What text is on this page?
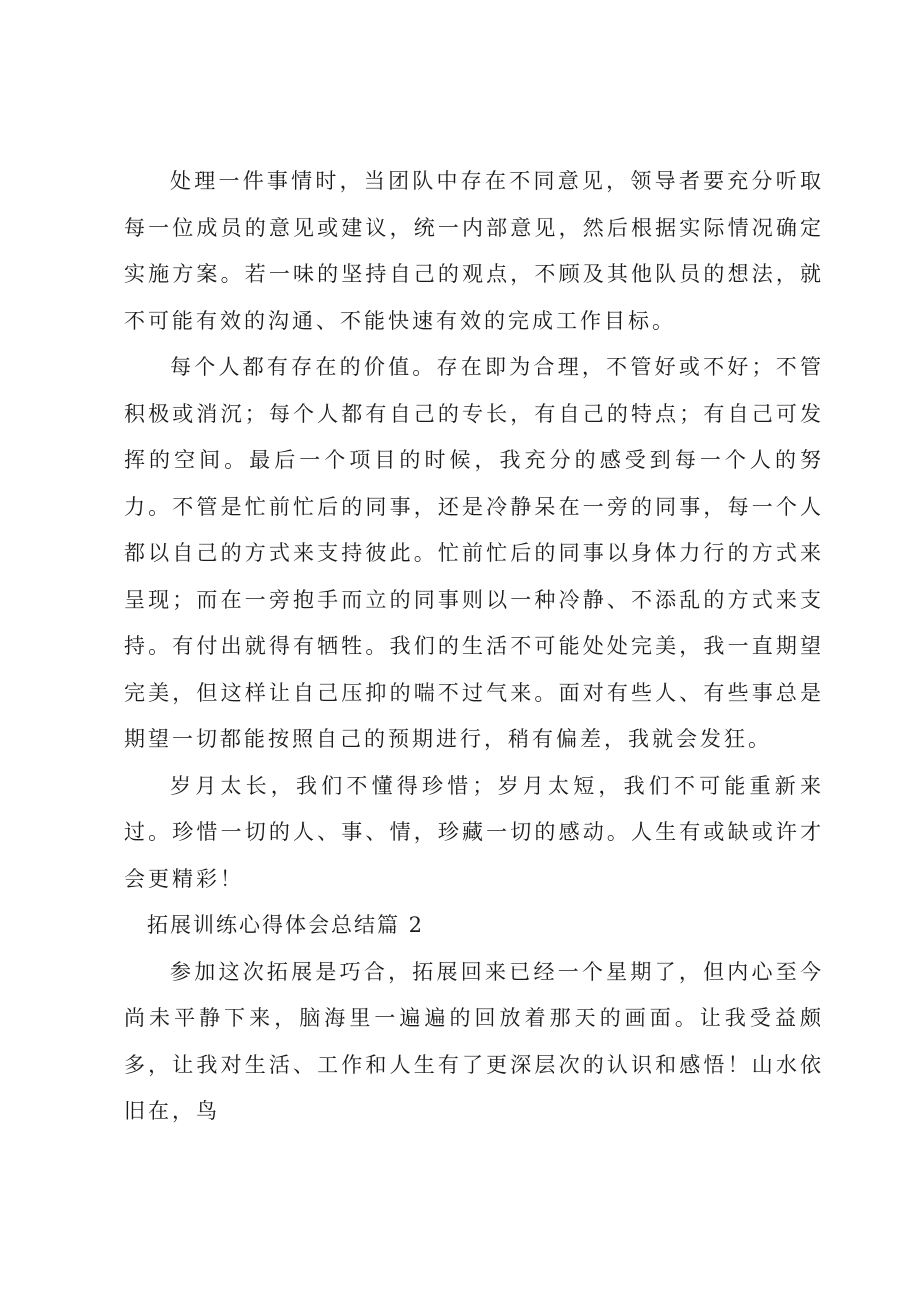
处理一件事情时，当团队中存在不同意见，领导者要充分听取每一位成员的意见或建议，统一内部意见，然后根据实际情况确定实施方案。若一味的坚持自己的观点，不顾及其他队员的想法，就不可能有效的沟通、不能快速有效的完成工作目标。

每个人都有存在的价值。存在即为合理，不管好或不好；不管积极或消沉；每个人都有自己的专长，有自己的特点；有自己可发挥的空间。最后一个项目的时候，我充分的感受到每一个人的努力。不管是忙前忙后的同事，还是冷静呆在一旁的同事，每一个人都以自己的方式来支持彼此。忙前忙后的同事以身体力行的方式来呈现；而在一旁抱手而立的同事则以一种冷静、不添乱的方式来支持。有付出就得有牺牲。我们的生活不可能处处完美，我一直期望完美，但这样让自己压抑的喘不过气来。面对有些人、有些事总是期望一切都能按照自己的预期进行，稍有偏差，我就会发狂。

岁月太长，我们不懂得珍惜；岁月太短，我们不可能重新来过。珍惜一切的人、事、情，珍藏一切的感动。人生有或缺或许才会更精彩！

拓展训练心得体会总结篇 2

参加这次拓展是巧合，拓展回来已经一个星期了，但内心至今尚未平静下来，脑海里一遍遍的回放着那天的画面。让我受益颇多，让我对生活、工作和人生有了更深层次的认识和感悟！山水依旧在，鸟
